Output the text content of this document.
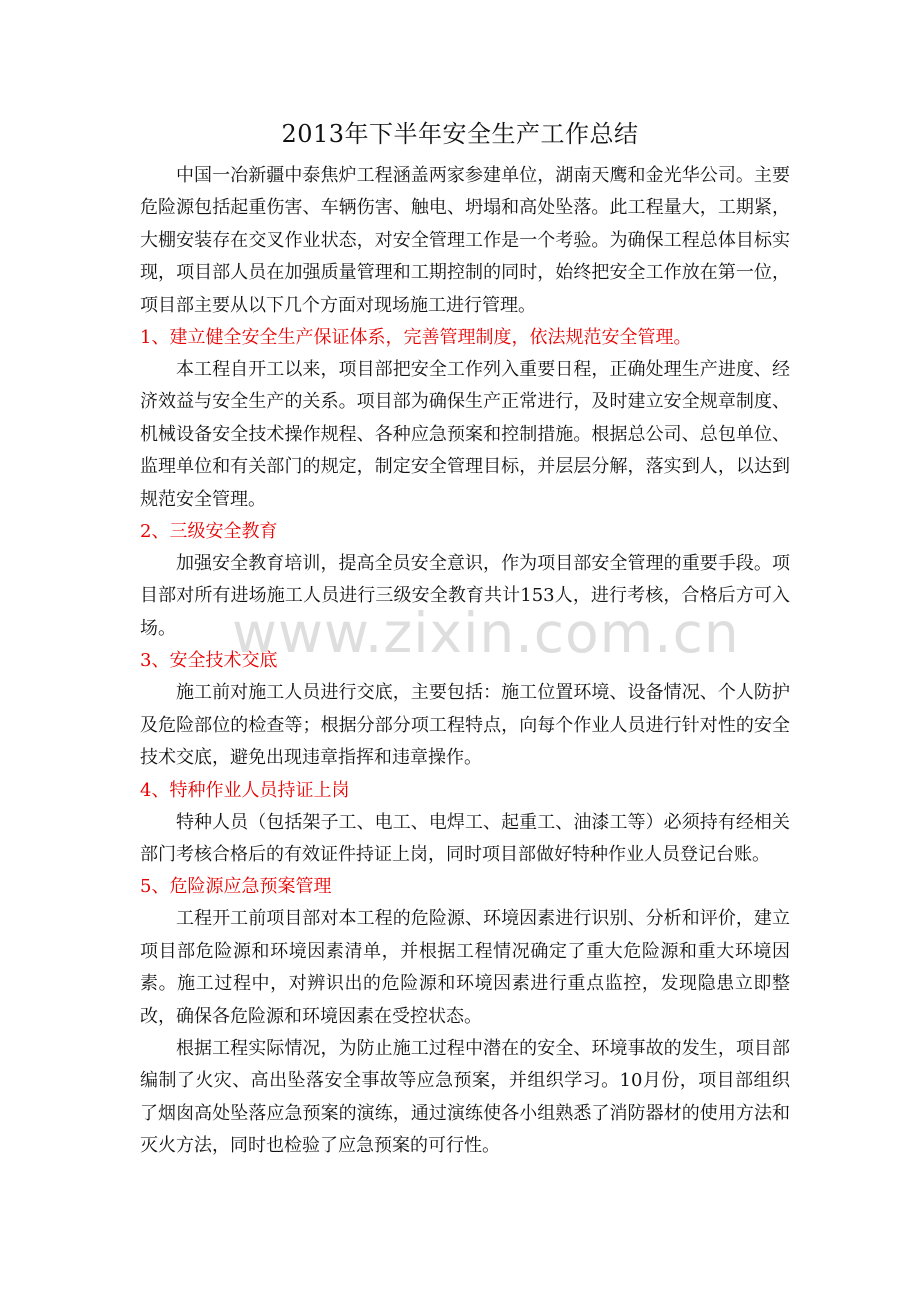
www.zixin.com.cn
2013年下半年安全生产工作总结

中国一冶新疆中泰焦炉工程涵盖两家参建单位，湖南天鹰和金光华公司。主要危险源包括起重伤害、车辆伤害、触电、坍塌和高处坠落。此工程量大，工期紧，大棚安装存在交叉作业状态，对安全管理工作是一个考验。为确保工程总体目标实现，项目部人员在加强质量管理和工期控制的同时，始终把安全工作放在第一位，项目部主要从以下几个方面对现场施工进行管理。

1、建立健全安全生产保证体系，完善管理制度，依法规范安全管理。

本工程自开工以来，项目部把安全工作列入重要日程，正确处理生产进度、经济效益与安全生产的关系。项目部为确保生产正常进行，及时建立安全规章制度、机械设备安全技术操作规程、各种应急预案和控制措施。根据总公司、总包单位、监理单位和有关部门的规定，制定安全管理目标，并层层分解，落实到人，以达到规范安全管理。

2、三级安全教育

加强安全教育培训，提高全员安全意识，作为项目部安全管理的重要手段。项目部对所有进场施工人员进行三级安全教育共计153人，进行考核，合格后方可入场。

3、安全技术交底

施工前对施工人员进行交底，主要包括：施工位置环境、设备情况、个人防护及危险部位的检查等；根据分部分项工程特点，向每个作业人员进行针对性的安全技术交底，避免出现违章指挥和违章操作。

4、特种作业人员持证上岗

特种人员（包括架子工、电工、电焊工、起重工、油漆工等）必须持有经相关部门考核合格后的有效证件持证上岗，同时项目部做好特种作业人员登记台账。

5、危险源应急预案管理

工程开工前项目部对本工程的危险源、环境因素进行识别、分析和评价，建立项目部危险源和环境因素清单，并根据工程情况确定了重大危险源和重大环境因素。施工过程中，对辨识出的危险源和环境因素进行重点监控，发现隐患立即整改，确保各危险源和环境因素在受控状态。

根据工程实际情况，为防止施工过程中潜在的安全、环境事故的发生，项目部编制了火灾、高出坠落安全事故等应急预案，并组织学习。10月份，项目部组织了烟囱高处坠落应急预案的演练，通过演练使各小组熟悉了消防器材的使用方法和灭火方法，同时也检验了应急预案的可行性。
